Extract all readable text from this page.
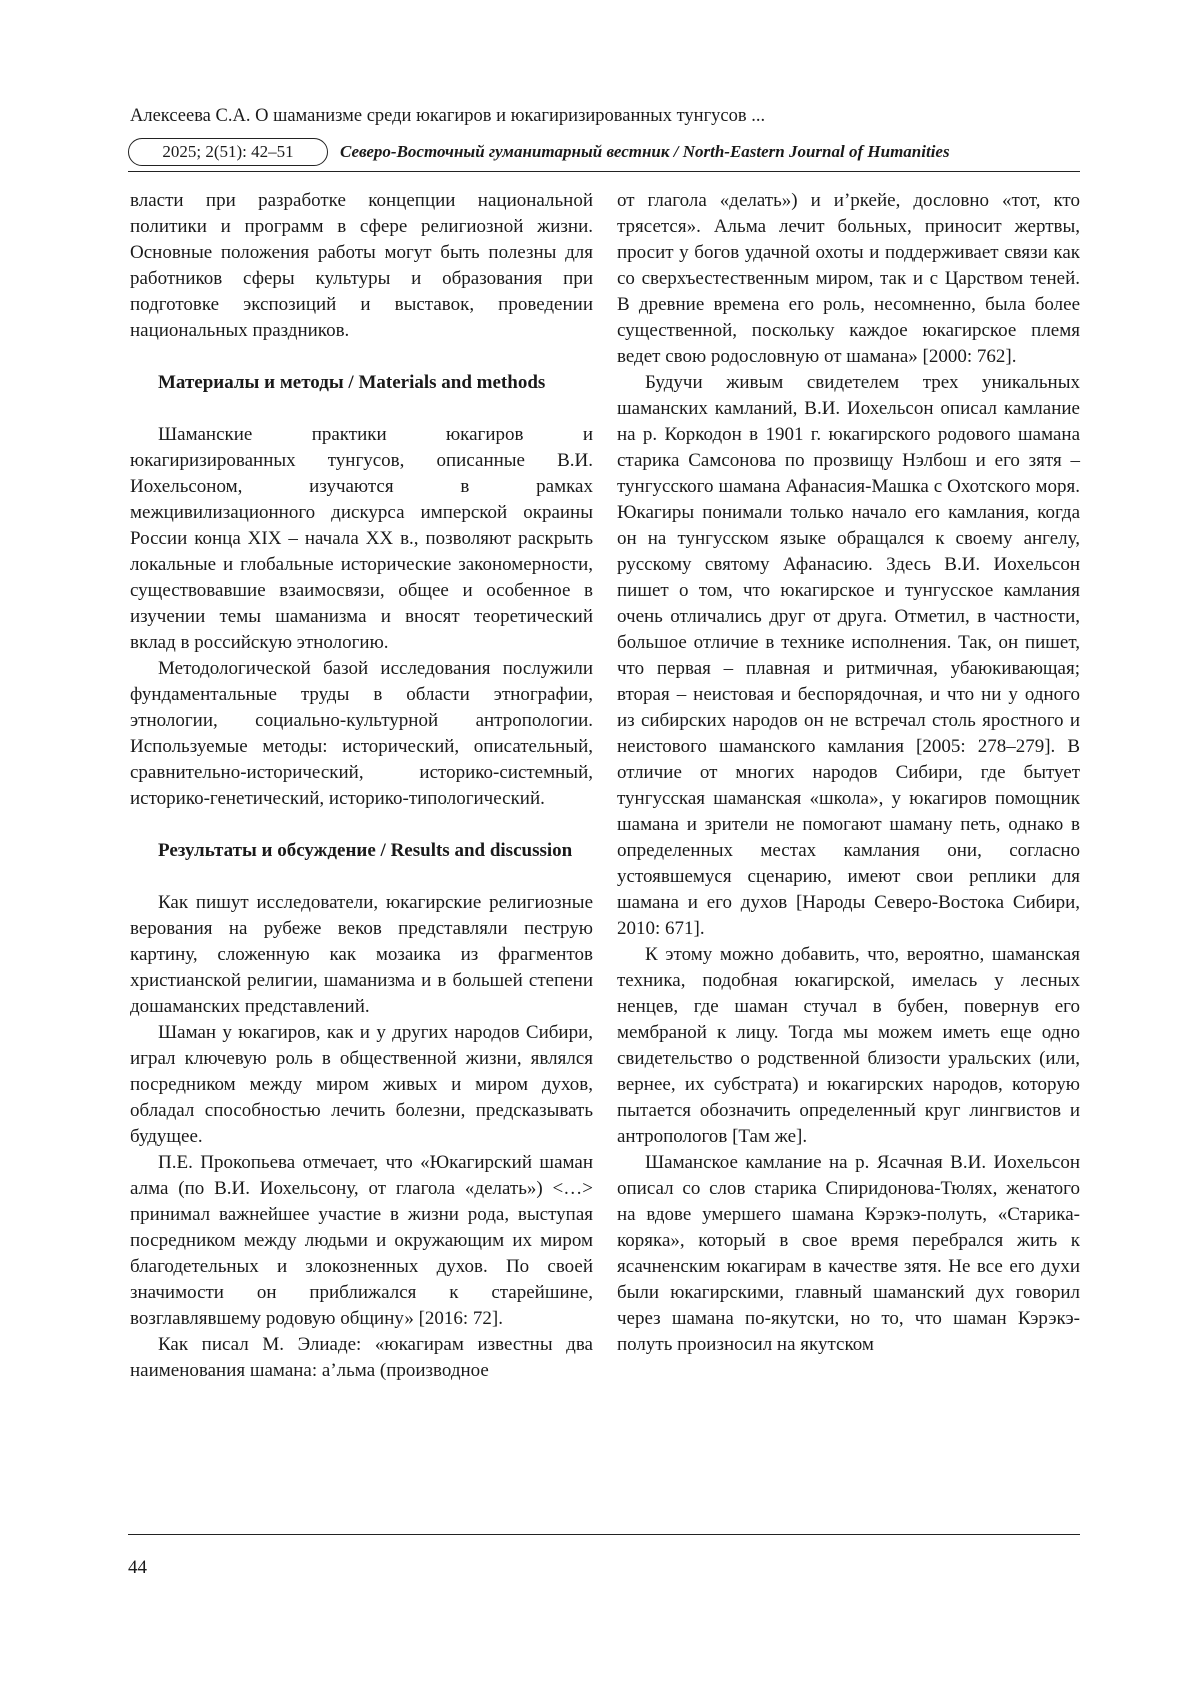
Алексеева С.А. О шаманизме среди юкагиров и юкагиризированных тунгусов ...
2025; 2(51): 42–51	Северо-Восточный гуманитарный вестник / North-Eastern Journal of Humanities

власти при разработке концепции национальной политики и программ в сфере религиозной жизни. Основные положения работы могут быть полезны для работников сферы культуры и образования при подготовке экспозиций и выставок, проведении национальных праздников.

Материалы и методы / Materials and methods

Шаманские практики юкагиров и юкагиризированных тунгусов, описанные В.И. Иохельсоном, изучаются в рамках межцивилизационного дискурса имперской окраины России конца XIX – начала XX в., позволяют раскрыть локальные и глобальные исторические закономерности, существовавшие взаимосвязи, общее и особенное в изучении темы шаманизма и вносят теоретический вклад в российскую этнологию.

Методологической базой исследования послужили фундаментальные труды в области этнографии, этнологии, социально-культурной антропологии. Используемые методы: исторический, описательный, сравнительно-исторический, историко-системный, историко-генетический, историко-типологический.

Результаты и обсуждение / Results and discussion

Как пишут исследователи, юкагирские религиозные верования на рубеже веков представляли пеструю картину, сложенную как мозаика из фрагментов христианской религии, шаманизма и в большей степени дошаманских представлений.

Шаман у юкагиров, как и у других народов Сибири, играл ключевую роль в общественной жизни, являлся посредником между миром живых и миром духов, обладал способностью лечить болезни, предсказывать будущее.

П.Е. Прокопьева отмечает, что «Юкагирский шаман алма (по В.И. Иохельсону, от глагола «делать») <…> принимал важнейшее участие в жизни рода, выступая посредником между людьми и окружающим их миром благодетельных и злокозненных духов. По своей значимости он приближался к старейшине, возглавлявшему родовую общину» [2016: 72].

Как писал М. Элиаде: «юкагирам известны два наименования шамана: а’льма (производное

от глагола «делать») и и’ркейе, дословно «тот, кто трясется». Альма лечит больных, приносит жертвы, просит у богов удачной охоты и поддерживает связи как со сверхъестественным миром, так и с Царством теней. В древние времена его роль, несомненно, была более существенной, поскольку каждое юкагирское племя ведет свою родословную от шамана» [2000: 762].

Будучи живым свидетелем трех уникальных шаманских камланий, В.И. Иохельсон описал камлание на р. Коркодон в 1901 г. юкагирского родового шамана старика Самсонова по прозвищу Нэлбош и его зятя – тунгусского шамана Афанасия-Машка с Охотского моря. Юкагиры понимали только начало его камлания, когда он на тунгусском языке обращался к своему ангелу, русскому святому Афанасию. Здесь В.И. Иохельсон пишет о том, что юкагирское и тунгусское камлания очень отличались друг от друга. Отметил, в частности, большое отличие в технике исполнения. Так, он пишет, что первая – плавная и ритмичная, убаюкивающая; вторая – неистовая и беспорядочная, и что ни у одного из сибирских народов он не встречал столь яростного и неистового шаманского камлания [2005: 278–279]. В отличие от многих народов Сибири, где бытует тунгусская шаманская «школа», у юкагиров помощник шамана и зрители не помогают шаману петь, однако в определенных местах камлания они, согласно устоявшемуся сценарию, имеют свои реплики для шамана и его духов [Народы Северо-Востока Сибири, 2010: 671].

К этому можно добавить, что, вероятно, шаманская техника, подобная юкагирской, имелась у лесных ненцев, где шаман стучал в бубен, повернув его мембраной к лицу. Тогда мы можем иметь еще одно свидетельство о родственной близости уральских (или, вернее, их субстрата) и юкагирских народов, которую пытается обозначить определенный круг лингвистов и антропологов [Там же].

Шаманское камлание на р. Ясачная В.И. Иохельсон описал со слов старика Спиридонова-Тюлях, женатого на вдове умершего шамана Кэрэкэ-полуть, «Старика-коряка», который в свое время перебрался жить к ясачненским юкагирам в качестве зятя. Не все его духи были юкагирскими, главный шаманский дух говорил через шамана по-якутски, но то, что шаман Кэрэкэ-полуть произносил на якутском

44
